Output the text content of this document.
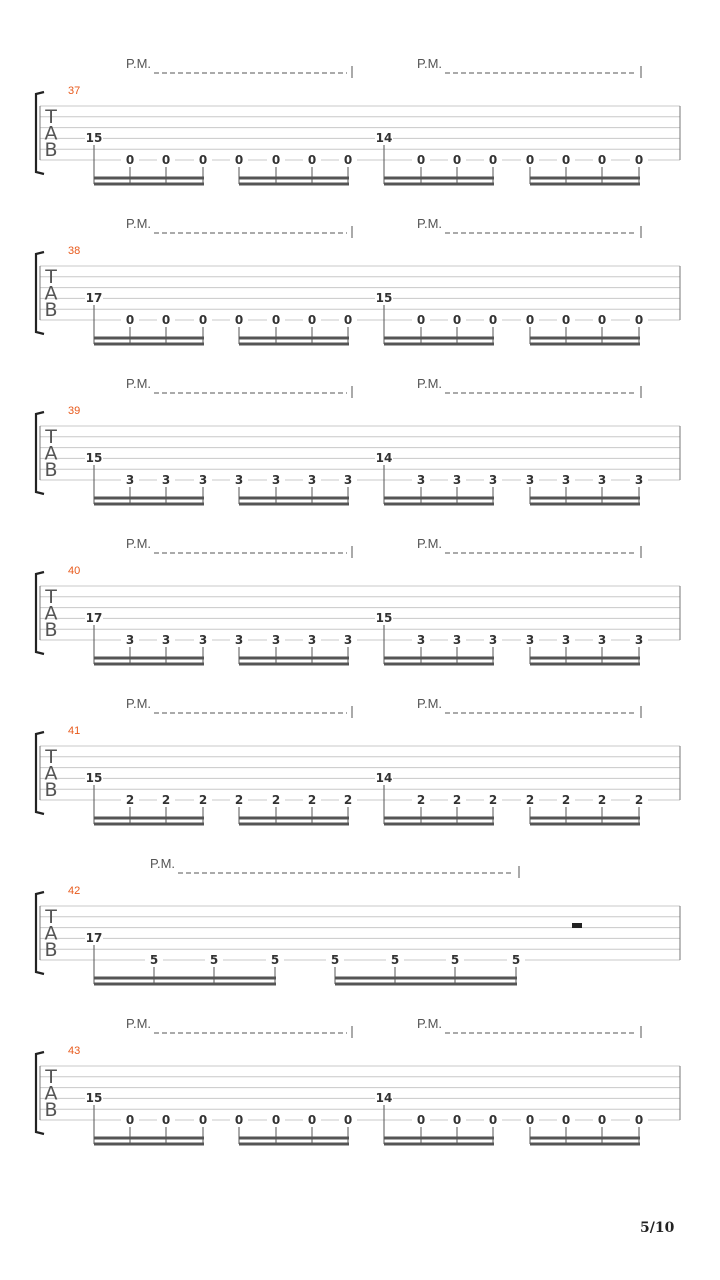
T
A
B
37
P.M.	P.M.
15
0 0 0 0 0 0 0
14
0 0 0 0 0 0 0
T
A
B
38
P.M.	P.M.
17
0 0 0 0 0 0 0
15
0 0 0 0 0 0 0
T
A
B
39
P.M.	P.M.
15
3 3 3 3 3 3 3
14
3 3 3 3 3 3 3
T
A
B
40
P.M.	P.M.
17
3 3 3 3 3 3 3
15
3 3 3 3 3 3 3
T
A
B
41
P.M.	P.M.
15
2 2 2 2 2 2 2
14
2 2 2 2 2 2 2
T
A
B
42
P.M.
17
5	5	5	5	5	5	5
T
A
B
43
P.M.	P.M.
15
0 0 0 0 0 0 0
14
0 0 0 0 0 0 0
5/10
